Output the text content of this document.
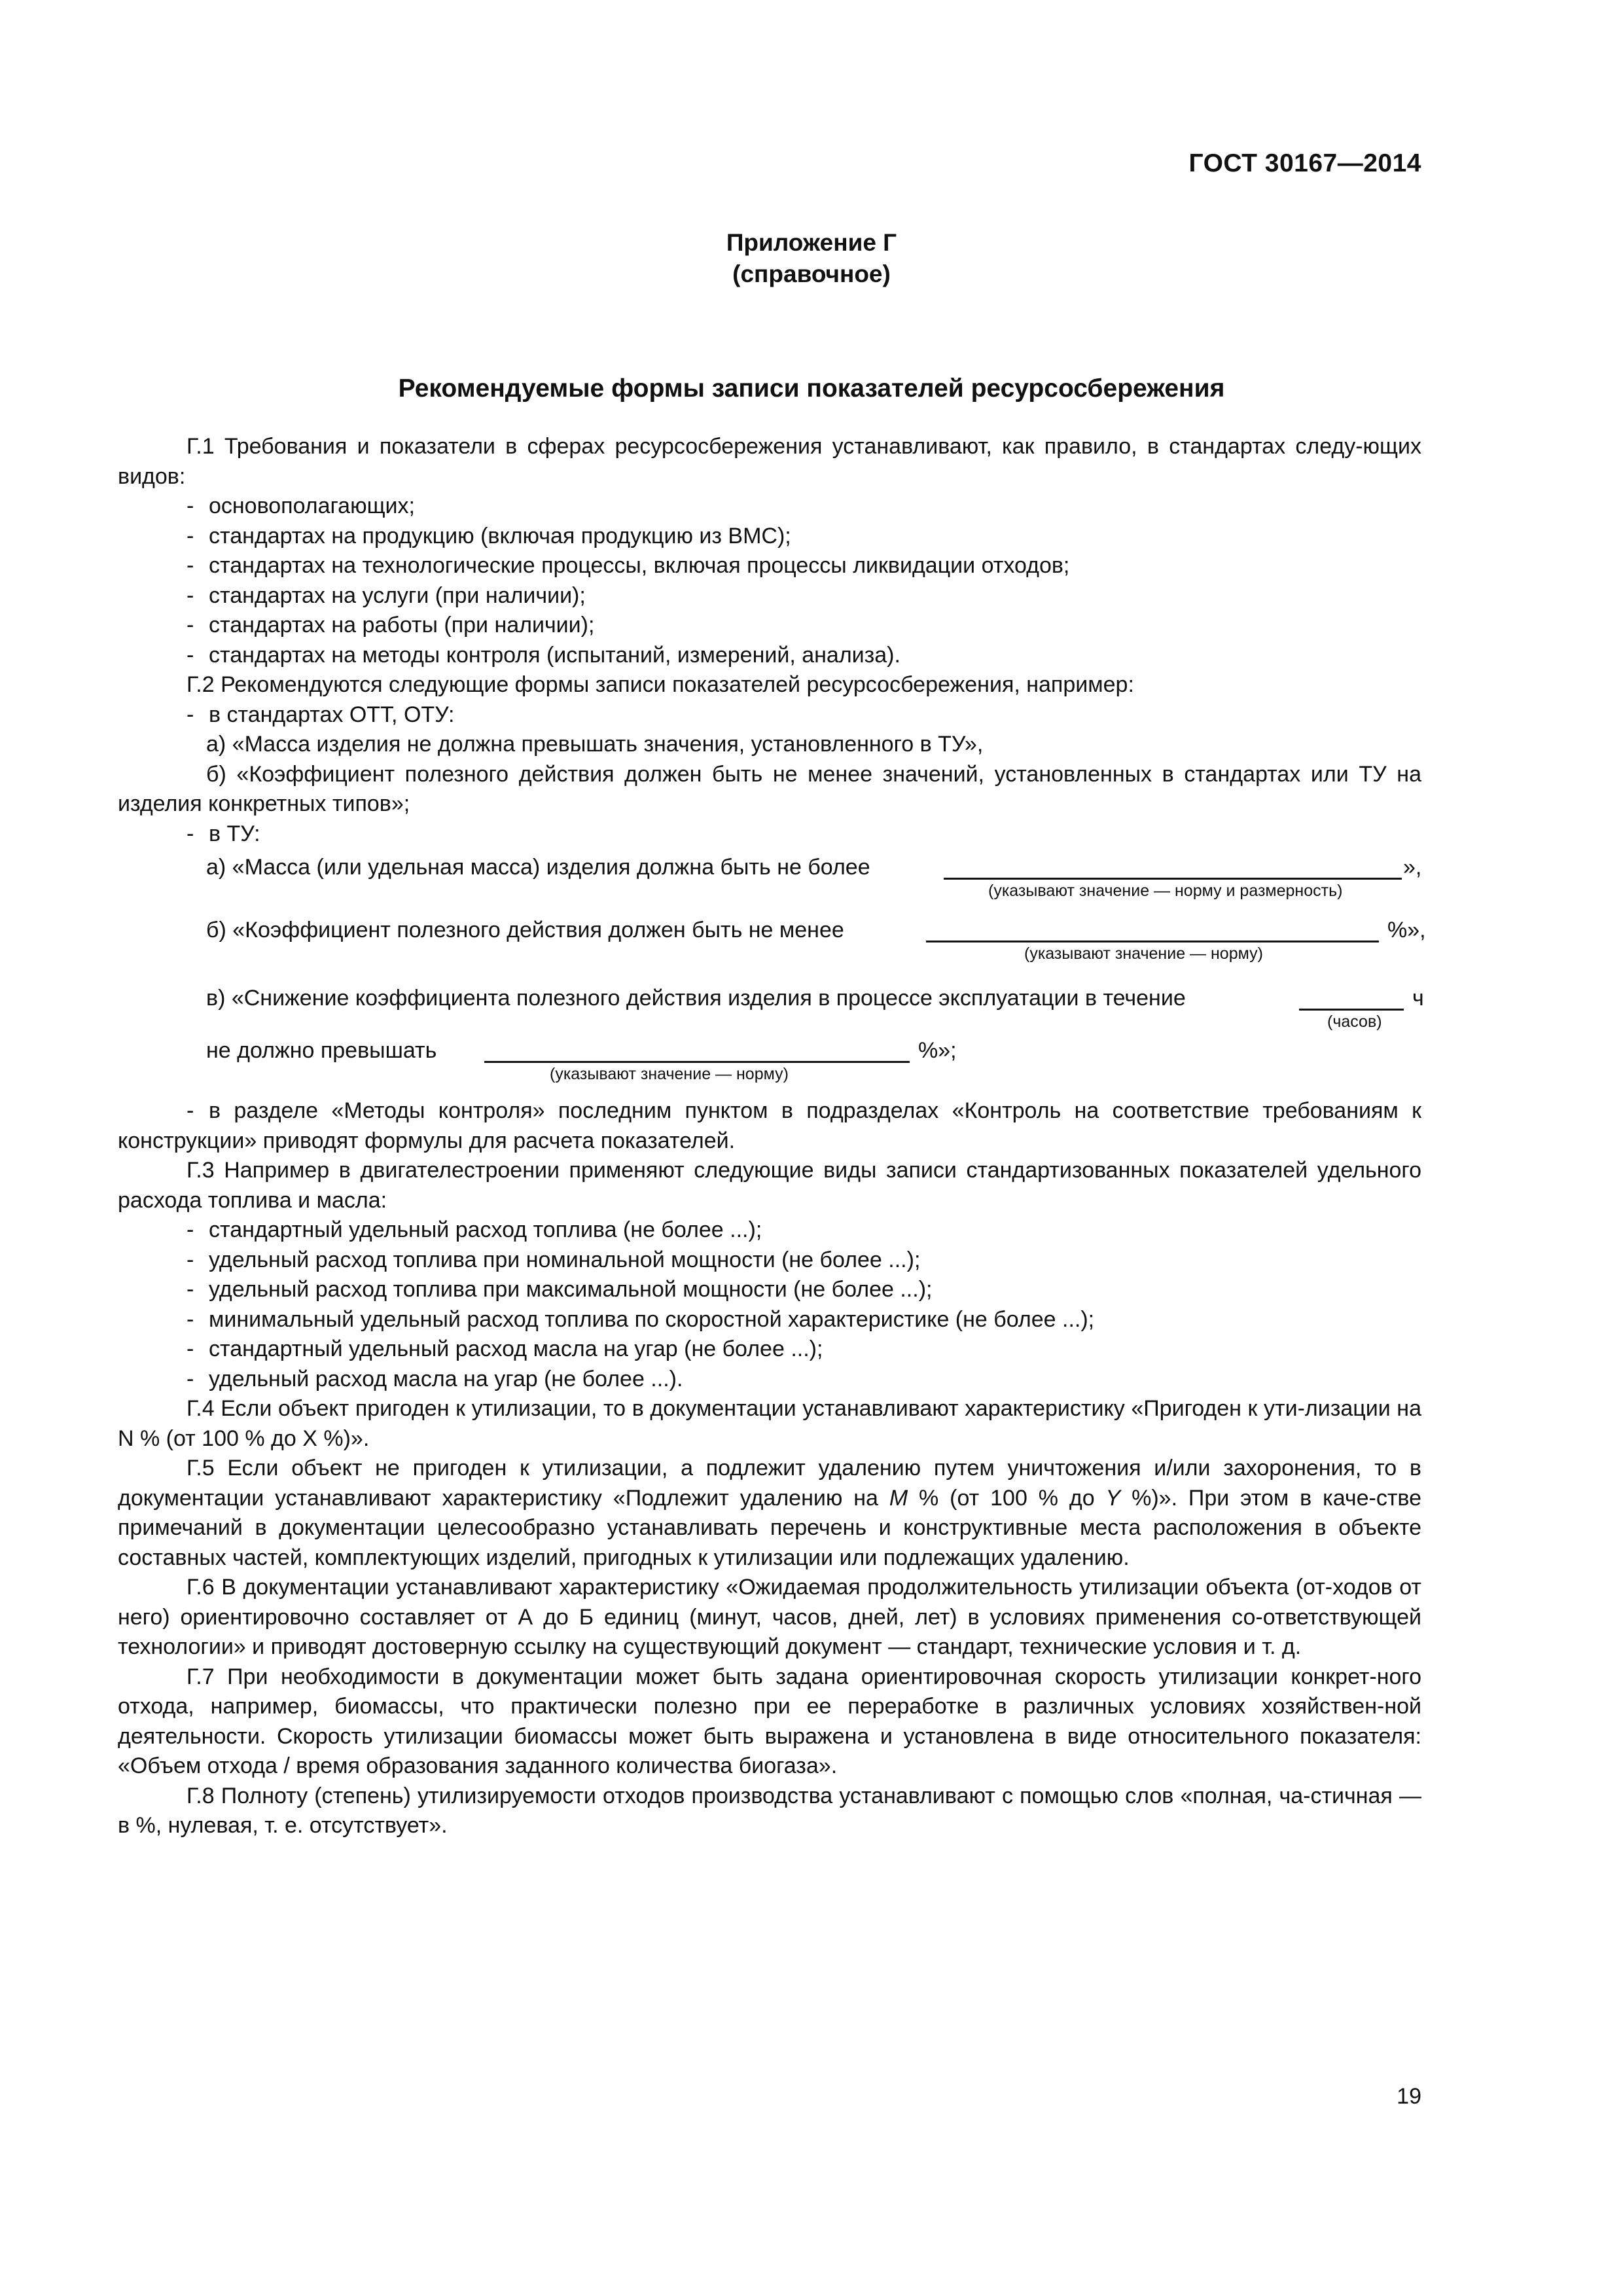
ГОСТ 30167—2014
Приложение Г
(справочное)
Рекомендуемые формы записи показателей ресурсосбережения

Г.1 Требования и показатели в сферах ресурсосбережения устанавливают, как правило, в стандартах следу-ющих видов:

- основополагающих;

- стандартах на продукцию (включая продукцию из ВМС);

- стандартах на технологические процессы, включая процессы ликвидации отходов;

- стандартах на услуги (при наличии);

- стандартах на работы (при наличии);

- стандартах на методы контроля (испытаний, измерений, анализа).

Г.2 Рекомендуются следующие формы записи показателей ресурсосбережения, например:

- в стандартах ОТТ, ОТУ:

а) «Масса изделия не должна превышать значения, установленного в ТУ»,

б) «Коэффициент полезного действия должен быть не менее значений, установленных в стандартах или ТУ на изделия конкретных типов»;

- в ТУ:

а) «Масса (или удельная масса) изделия должна быть не более	»,
(указывают значение — норму и размерность)
б) «Коэффициент полезного действия должен быть не менее	%»,
(указывают значение — норму)
в) «Снижение коэффициента полезного действия изделия в процессе эксплуатации в течение	ч
(часов)
не должно превышать	%»;
(указывают значение — норму)

- в разделе «Методы контроля» последним пунктом в подразделах «Контроль на соответствие требованиям к конструкции» приводят формулы для расчета показателей.

Г.3 Например в двигателестроении применяют следующие виды записи стандартизованных показателей удельного расхода топлива и масла:

- стандартный удельный расход топлива (не более ...);

- удельный расход топлива при номинальной мощности (не более ...);

- удельный расход топлива при максимальной мощности (не более ...);

- минимальный удельный расход топлива по скоростной характеристике (не более ...);

- стандартный удельный расход масла на угар (не более ...);

- удельный расход масла на угар (не более ...).

Г.4 Если объект пригоден к утилизации, то в документации устанавливают характеристику «Пригоден к ути-лизации на N % (от 100 % до X %)».

Г.5 Если объект не пригоден к утилизации, а подлежит удалению путем уничтожения и/или захоронения, то в документации устанавливают характеристику «Подлежит удалению на M % (от 100 % до Y %)». При этом в каче-стве примечаний в документации целесообразно устанавливать перечень и конструктивные места расположения в объекте составных частей, комплектующих изделий, пригодных к утилизации или подлежащих удалению.

Г.6 В документации устанавливают характеристику «Ожидаемая продолжительность утилизации объекта (от-ходов от него) ориентировочно составляет от А до Б единиц (минут, часов, дней, лет) в условиях применения со-ответствующей технологии» и приводят достоверную ссылку на существующий документ — стандарт, технические условия и т. д.

Г.7 При необходимости в документации может быть задана ориентировочная скорость утилизации конкрет-ного отхода, например, биомассы, что практически полезно при ее переработке в различных условиях хозяйствен-ной деятельности. Скорость утилизации биомассы может быть выражена и установлена в виде относительного показателя: «Объем отхода / время образования заданного количества биогаза».

Г.8 Полноту (степень) утилизируемости отходов производства устанавливают с помощью слов «полная, ча-стичная — в %, нулевая, т. е. отсутствует».

19
